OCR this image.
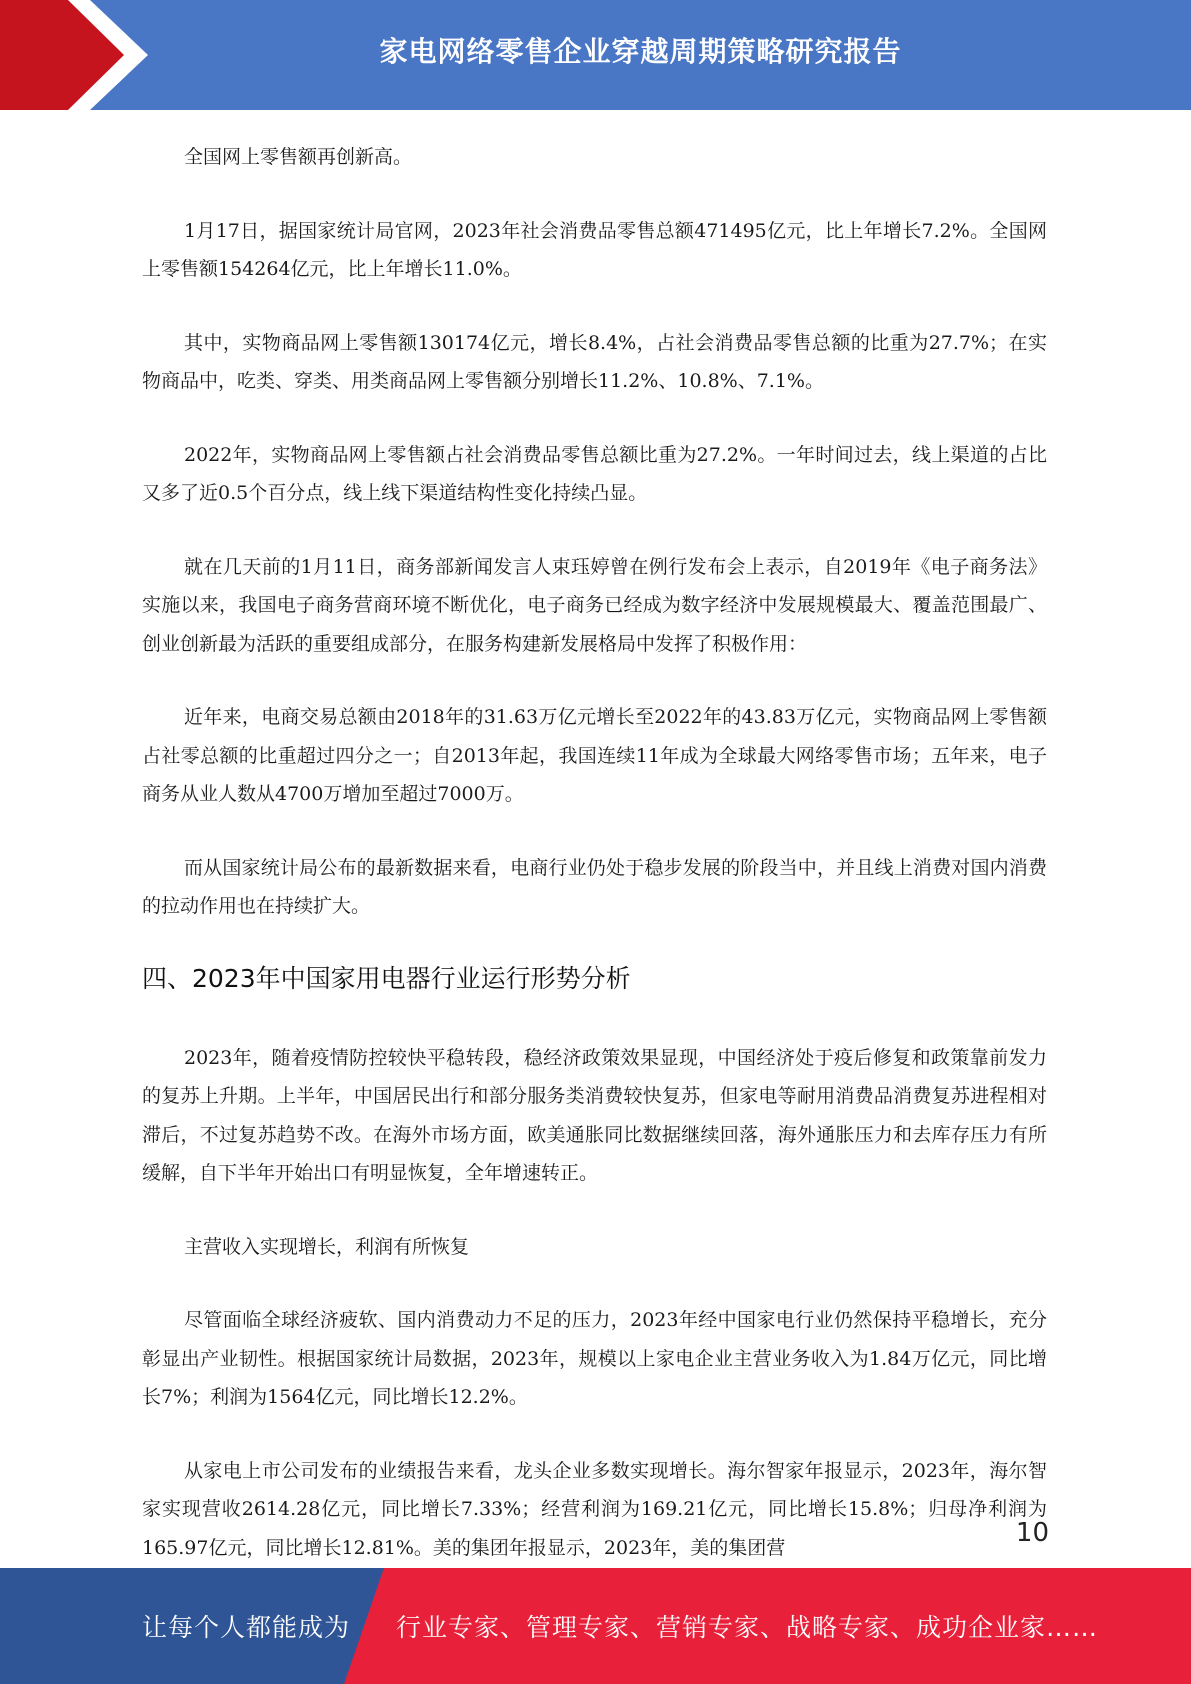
家电网络零售企业穿越周期策略研究报告

全国网上零售额再创新高。

1月17日，据国家统计局官网，2023年社会消费品零售总额471495亿元，比上年增长7.2%。全国网上零售额154264亿元，比上年增长11.0%。

其中，实物商品网上零售额130174亿元，增长8.4%，占社会消费品零售总额的比重为27.7%；在实物商品中，吃类、穿类、用类商品网上零售额分别增长11.2%、10.8%、7.1%。

2022年，实物商品网上零售额占社会消费品零售总额比重为27.2%。一年时间过去，线上渠道的占比又多了近0.5个百分点，线上线下渠道结构性变化持续凸显。

就在几天前的1月11日，商务部新闻发言人束珏婷曾在例行发布会上表示，自2019年《电子商务法》实施以来，我国电子商务营商环境不断优化，电子商务已经成为数字经济中发展规模最大、覆盖范围最广、创业创新最为活跃的重要组成部分，在服务构建新发展格局中发挥了积极作用：

近年来，电商交易总额由2018年的31.63万亿元增长至2022年的43.83万亿元，实物商品网上零售额占社零总额的比重超过四分之一；自2013年起，我国连续11年成为全球最大网络零售市场；五年来，电子商务从业人数从4700万增加至超过7000万。

而从国家统计局公布的最新数据来看，电商行业仍处于稳步发展的阶段当中，并且线上消费对国内消费的拉动作用也在持续扩大。

四、2023年中国家用电器行业运行形势分析

2023年，随着疫情防控较快平稳转段，稳经济政策效果显现，中国经济处于疫后修复和政策靠前发力的复苏上升期。上半年，中国居民出行和部分服务类消费较快复苏，但家电等耐用消费品消费复苏进程相对滞后，不过复苏趋势不改。在海外市场方面，欧美通胀同比数据继续回落，海外通胀压力和去库存压力有所缓解，自下半年开始出口有明显恢复，全年增速转正。

主营收入实现增长，利润有所恢复

尽管面临全球经济疲软、国内消费动力不足的压力，2023年经中国家电行业仍然保持平稳增长，充分彰显出产业韧性。根据国家统计局数据，2023年，规模以上家电企业主营业务收入为1.84万亿元，同比增长7%；利润为1564亿元，同比增长12.2%。

从家电上市公司发布的业绩报告来看，龙头企业多数实现增长。海尔智家年报显示，2023年，海尔智家实现营收2614.28亿元，同比增长7.33%；经营利润为169.21亿元，同比增长15.8%；归母净利润为165.97亿元，同比增长12.81%。美的集团年报显示，2023年，美的集团营	10
让每个人都能成为 行业专家、管理专家、营销专家、战略专家、成功企业家……
